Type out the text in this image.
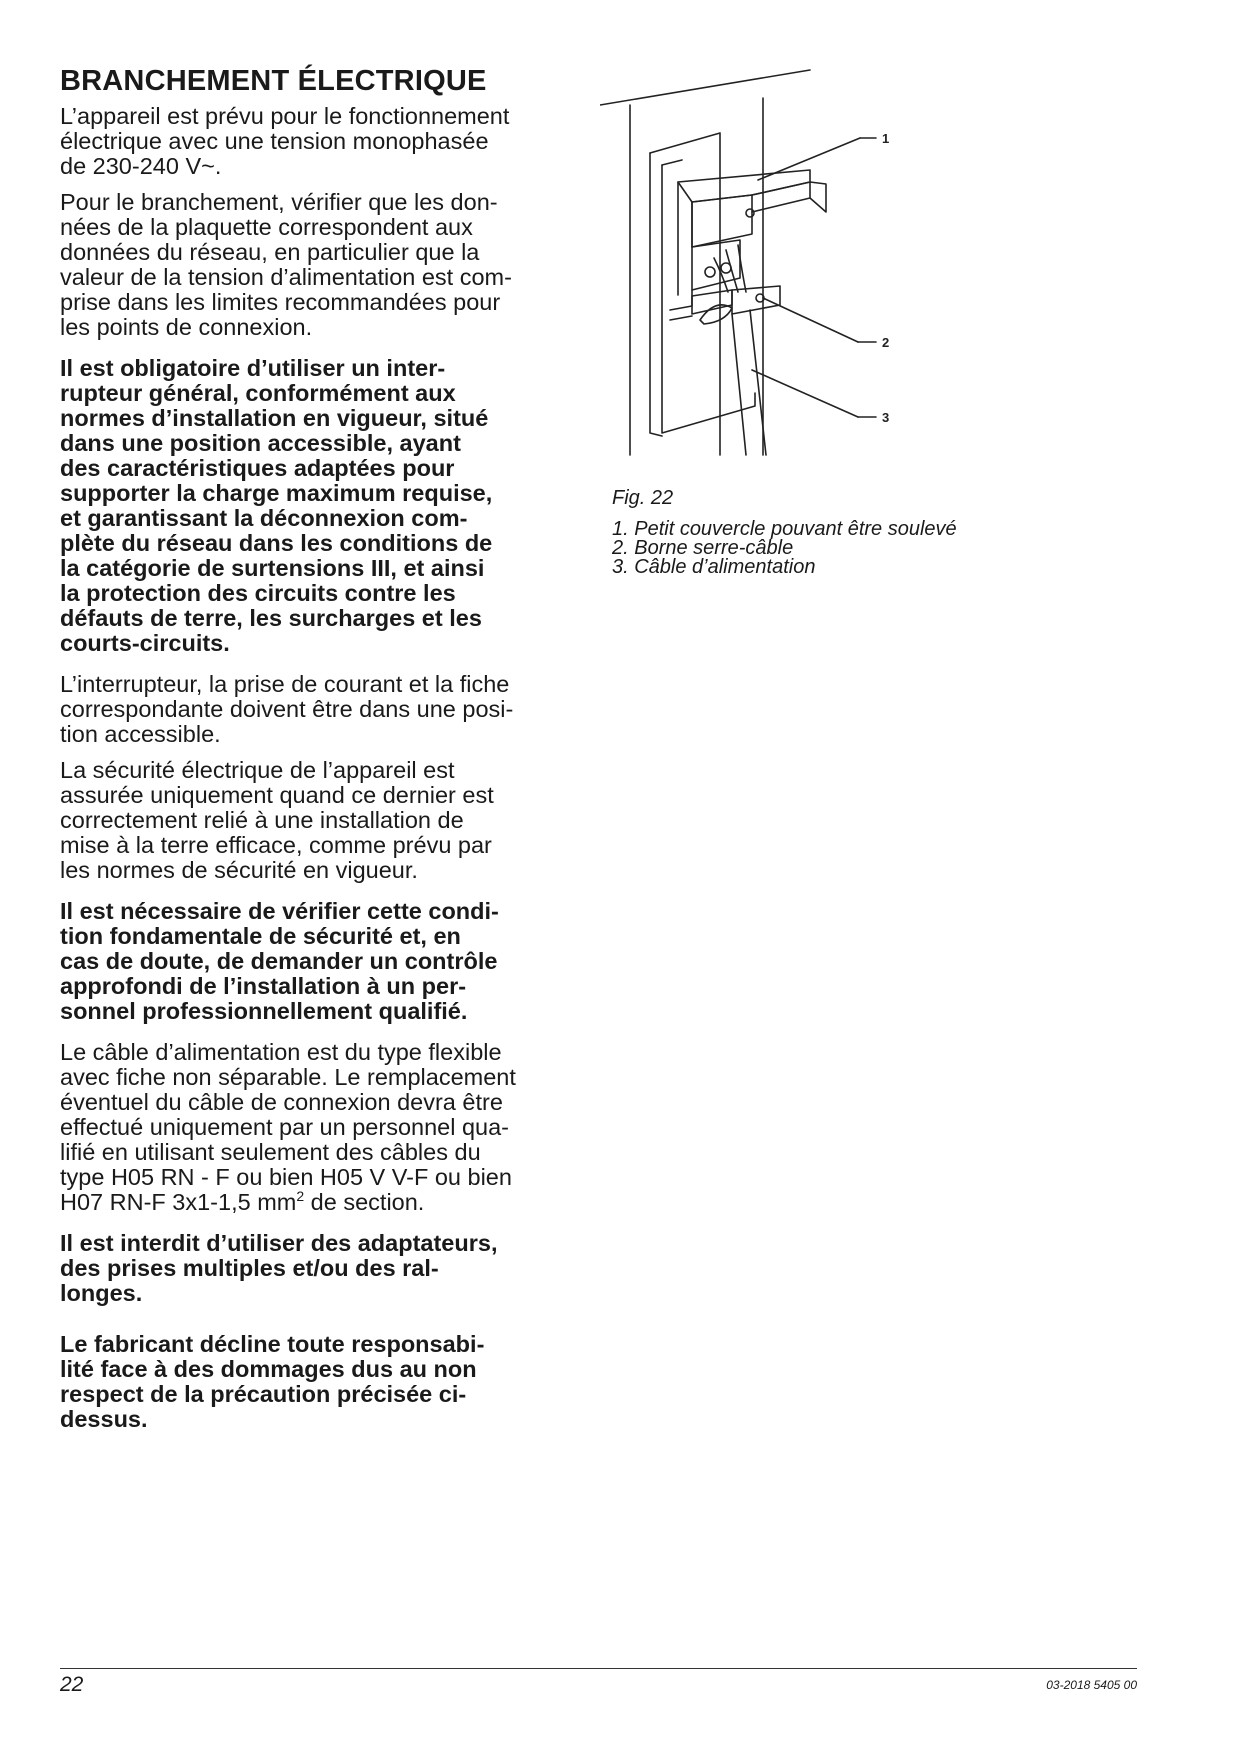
BRANCHEMENT ÉLECTRIQUE

L’appareil est prévu pour le fonctionnement
électrique avec une tension monophasée
de 230-240 V~.

Pour le branchement, vérifier que les don-
nées de la plaquette correspondent aux
données du réseau, en particulier que la
valeur de la tension d’alimentation est com-
prise dans les limites recommandées pour
les points de connexion.

Il est obligatoire d’utiliser un inter-
rupteur général, conformément aux
normes d’installation en vigueur, situé
dans une position accessible, ayant
des caractéristiques adaptées pour
supporter la charge maximum requise,
et garantissant la déconnexion com-
plète du réseau dans les conditions de
la catégorie de surtensions III, et ainsi
la protection des circuits contre les
défauts de terre, les surcharges et les
courts-circuits.

L’interrupteur, la prise de courant et la fiche
correspondante doivent être dans une posi-
tion accessible.

La sécurité électrique de l’appareil est
assurée uniquement quand ce dernier est
correctement relié à une installation de
mise à la terre efficace, comme prévu par
les normes de sécurité en vigueur.

Il est nécessaire de vérifier cette condi-
tion fondamentale de sécurité et, en
cas de doute, de demander un contrôle
approfondi de l’installation à un per-
sonnel professionnellement qualifié.

Le câble d’alimentation est du type flexible
avec fiche non séparable. Le remplacement
éventuel du câble de connexion devra être
effectué uniquement par un personnel qua-
lifié en utilisant seulement des câbles du
type H05 RN - F ou bien H05 V V-F ou bien
H07 RN-F 3x1-1,5 $mm^2$ de section.

Il est interdit d’utiliser des adaptateurs,
des prises multiples et/ou des ral-
longes.

Le fabricant décline toute responsabi-
lité face à des dommages dus au non
respect de la précaution précisée ci-
dessus.

1
2
3
Fig. 22
1. Petit couvercle pouvant être soulevé
2. Borne serre-câble
3. Câble d’alimentation
22	03-2018 5405 00
